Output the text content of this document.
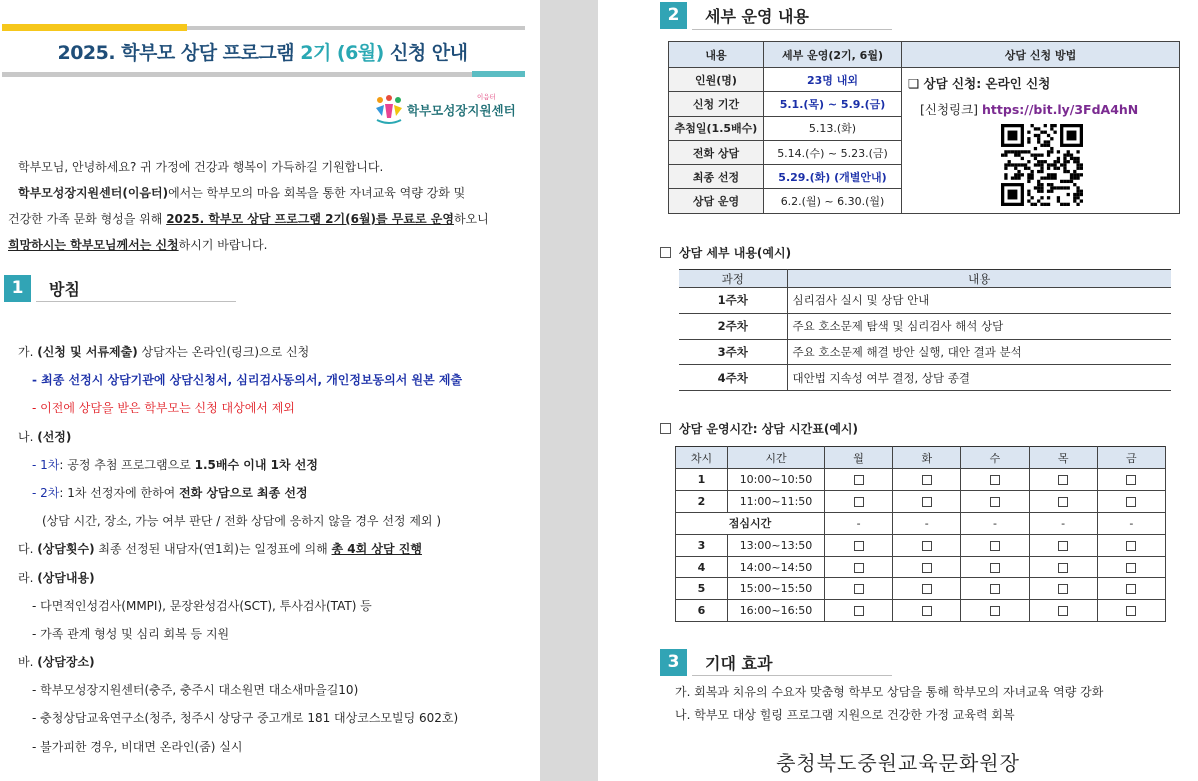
2025. 학부모 상담 프로그램 2기 (6월) 신청 안내
이음터
학부모성장지원센터
학부모님, 안녕하세요? 귀 가정에 건강과 행복이 가득하길 기원합니다.
학부모성장지원센터(이음터)에서는 학부모의 마음 회복을 통한 자녀교육 역량 강화 및
건강한 가족 문화 형성을 위해 2025. 학부모 상담 프로그램 2기(6월)를 무료로 운영하오니
희망하시는 학부모님께서는 신청하시기 바랍니다.
1	방침
가. (신청 및 서류제출) 상담자는 온라인(링크)으로 신청
- 최종 선정시 상담기관에 상담신청서, 심리검사동의서, 개인정보동의서 원본 제출
- 이전에 상담을 받은 학부모는 신청 대상에서 제외
나. (선정)
- 1차: 공정 추첨 프로그램으로 1.5배수 이내 1차 선정
- 2차: 1차 선정자에 한하여 전화 상담으로 최종 선정
(상담 시간, 장소, 가능 여부 판단 / 전화 상담에 응하지 않을 경우 선정 제외 )
다. (상담횟수) 최종 선정된 내담자(연1회)는 일정표에 의해 총 4회 상담 진행
라. (상담내용)
- 다면적인성검사(MMPI), 문장완성검사(SCT), 투사검사(TAT) 등
- 가족 관계 형성 및 심리 회복 등 지원
바. (상담장소)
- 학부모성장지원센터(충주, 충주시 대소원면 대소새마을길10)
- 충청상담교육연구소(청주, 청주시 상당구 중고개로 181 대상코스모빌딩 602호)
- 불가피한 경우, 비대면 온라인(줌) 실시
2	세부 운영 내용
내용	세부 운영(2기, 6월)	상담 신청 방법
인원(명)	23명 내외	❑ 상담 신청: 온라인 신청
[신청링크] https://bit.ly/3FdA4hN

신청 기간	5.1.(목) ~ 5.9.(금)	
추첨일(1.5배수)	5.13.(화)	
전화 상담	5.14.(수) ~ 5.23.(금)	
최종 선정	5.29.(화) (개별안내)	
상담 운영	6.2.(월) ~ 6.30.(월)	
상담 세부 내용(예시)
과정	내용
1주차	심리검사 실시 및 상담 안내
2주차	주요 호소문제 탐색 및 심리검사 해석 상담
3주차	주요 호소문제 해결 방안 실행, 대안 결과 분석
4주차	대안법 지속성 여부 결정, 상담 종결
상담 운영시간: 상담 시간표(예시)
차시	시간	월	화	수	목	금
1	10:00~10:50					
2	11:00~11:50					
점심시간		-	-	-	-	-
3	13:00~13:50					
4	14:00~14:50					
5	15:00~15:50					
6	16:00~16:50					
3	기대 효과
가. 회복과 치유의 수요자 맞춤형 학부모 상담을 통해 학부모의 자녀교육 역량 강화
나. 학부모 대상 힐링 프로그램 지원으로 건강한 가정 교육력 회복
충청북도중원교육문화원장
